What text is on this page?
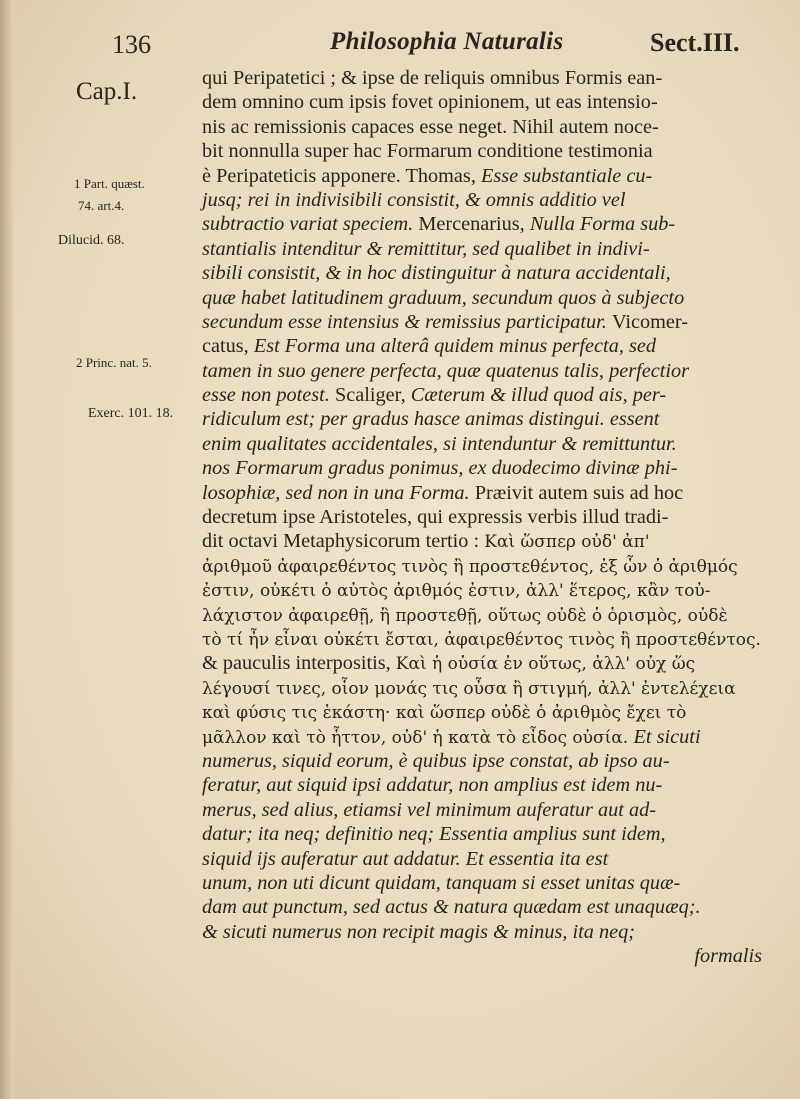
136	Philosophia Naturalis	Sect.III.
Cap.I.
1 Part. quæst.
74. art.4.
Dilucid. 68.
2 Princ. nat. 5.
Exerc. 101. 18.
qui Peripatetici ; & ipse de reliquis omnibus Formis ean-
dem omnino cum ipsis fovet opinionem, ut eas intensio-
nis ac remissionis capaces esse neget. Nihil autem noce-
bit nonnulla super hac Formarum conditione testimonia
è Peripateticis apponere. Thomas, Esse substantiale cu-
jusq; rei in indivisibili consistit, & omnis additio vel
subtractio variat speciem. Mercenarius, Nulla Forma sub-
stantialis intenditur & remittitur, sed qualibet in indivi-
sibili consistit, & in hoc distinguitur à natura accidentali,
quæ habet latitudinem graduum, secundum quos à subjecto
secundum esse intensius & remissius participatur. Vicomer-
catus, Est Forma una alterâ quidem minus perfecta, sed
tamen in suo genere perfecta, quæ quatenus talis, perfectior
esse non potest. Scaliger, Cæterum & illud quod ais, per-
ridiculum est; per gradus hasce animas distingui. essent
enim qualitates accidentales, si intenduntur & remittuntur.
nos Formarum gradus ponimus, ex duodecimo divinæ phi-
losophiæ, sed non in una Forma. Præivit autem suis ad hoc
decretum ipse Aristoteles, qui expressis verbis illud tradi-
dit octavi Metaphysicorum tertio : Καὶ ὥσπερ οὐδ' ἀπ'
ἀριθμοῦ ἀφαιρεθέντος τινὸς ἢ προστεθέντος, ἐξ ὧν ὁ ἀριθμός
ἐστιν, οὐκέτι ὁ αὐτὸς ἀριθμός ἐστιν, ἀλλ' ἕτερος, κἂν τοὐ-
λάχιστον ἀφαιρεθῇ, ἢ προστεθῇ, οὕτως οὐδὲ ὁ ὁρισμὸς, οὐδὲ
τὸ τί ἦν εἶναι οὐκέτι ἔσται, ἀφαιρεθέντος τινὸς ἢ προστεθέντος.
& pauculis interpositis, Καὶ ἡ οὐσία ἐν οὕτως, ἀλλ' οὐχ ὥς
λέγουσί τινες, οἷον μονάς τις οὖσα ἢ στιγμή, ἀλλ' ἐντελέχεια
καὶ φύσις τις ἑκάστη· καὶ ὥσπερ οὐδὲ ὁ ἀριθμὸς ἔχει τὸ
μᾶλλον καὶ τὸ ἧττον, οὐδ' ἡ κατὰ τὸ εἶδος οὐσία. Et sicuti
numerus, siquid eorum, è quibus ipse constat, ab ipso au-
feratur, aut siquid ipsi addatur, non amplius est idem nu-
merus, sed alius, etiamsi vel minimum auferatur aut ad-
datur; ita neq; definitio neq; Essentia amplius sunt idem,
siquid ijs auferatur aut addatur. Et essentia ita est
unum, non uti dicunt quidam, tanquam si esset unitas quæ-
dam aut punctum, sed actus & natura quædam est unaquæq;.
& sicuti numerus non recipit magis & minus, ita neq;
formalis
